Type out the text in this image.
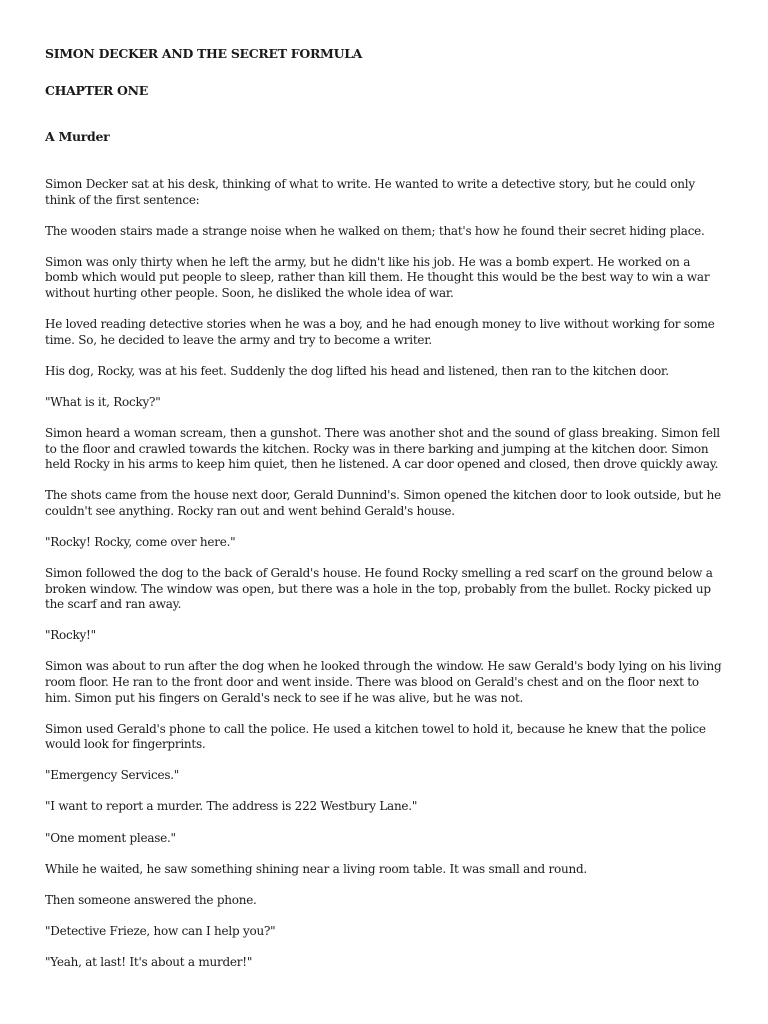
SIMON DECKER AND THE SECRET FORMULA
CHAPTER ONE
A Murder

Simon Decker sat at his desk, thinking of what to write. He wanted to write a detective story, but he could only think of the first sentence:

The wooden stairs made a strange noise when he walked on them; that's how he found their secret hiding place.

Simon was only thirty when he left the army, but he didn't like his job. He was a bomb expert. He worked on a bomb which would put people to sleep, rather than kill them. He thought this would be the best way to win a war without hurting other people. Soon, he disliked the whole idea of war.

He loved reading detective stories when he was a boy, and he had enough money to live without working for some time. So, he decided to leave the army and try to become a writer.

His dog, Rocky, was at his feet. Suddenly the dog lifted his head and listened, then ran to the kitchen door.

"What is it, Rocky?"

Simon heard a woman scream, then a gunshot. There was another shot and the sound of glass breaking. Simon fell to the floor and crawled towards the kitchen. Rocky was in there barking and jumping at the kitchen door. Simon held Rocky in his arms to keep him quiet, then he listened. A car door opened and closed, then drove quickly away.

The shots came from the house next door, Gerald Dunnind's. Simon opened the kitchen door to look outside, but he couldn't see anything. Rocky ran out and went behind Gerald's house.

"Rocky! Rocky, come over here."

Simon followed the dog to the back of Gerald's house. He found Rocky smelling a red scarf on the ground below a broken window. The window was open, but there was a hole in the top, probably from the bullet. Rocky picked up the scarf and ran away.

"Rocky!"

Simon was about to run after the dog when he looked through the window. He saw Gerald's body lying on his living room floor. He ran to the front door and went inside. There was blood on Gerald's chest and on the floor next to him. Simon put his fingers on Gerald's neck to see if he was alive, but he was not.

Simon used Gerald's phone to call the police. He used a kitchen towel to hold it, because he knew that the police would look for fingerprints.

"Emergency Services."

"I want to report a murder. The address is 222 Westbury Lane."

"One moment please."

While he waited, he saw something shining near a living room table. It was small and round.

Then someone answered the phone.

"Detective Frieze, how can I help you?"

"Yeah, at last! It's about a murder!"
